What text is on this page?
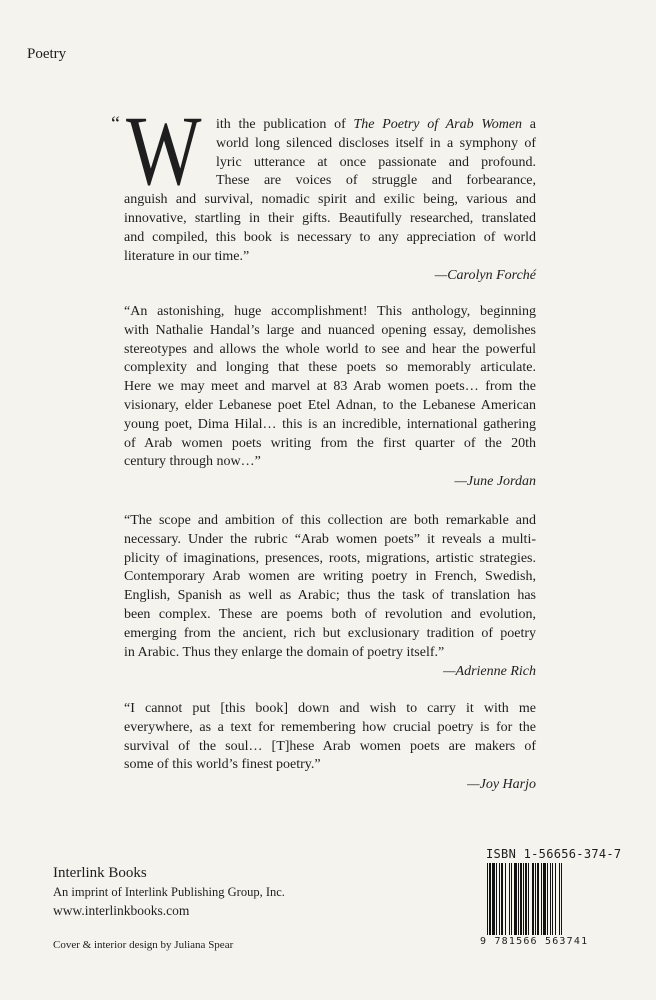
Poetry
“ W ith the publication of The Poetry of Arab Women a
world long silenced discloses itself in a symphony of
lyric utterance at once passionate and profound.
These are voices of struggle and forbearance,
anguish and survival, nomadic spirit and exilic being, various and
innovative, startling in their gifts. Beautifully researched, translated
and compiled, this book is necessary to any appreciation of world
literature in our time.”
—Carolyn Forché
“An astonishing, huge accomplishment! This anthology, beginning
with Nathalie Handal’s large and nuanced opening essay, demolishes
stereotypes and allows the whole world to see and hear the powerful
complexity and longing that these poets so memorably articulate.
Here we may meet and marvel at 83 Arab women poets… from the
visionary, elder Lebanese poet Etel Adnan, to the Lebanese American
young poet, Dima Hilal… this is an incredible, international gathering
of Arab women poets writing from the first quarter of the 20th
century through now…”
—June Jordan
“The scope and ambition of this collection are both remarkable and
necessary. Under the rubric “Arab women poets” it reveals a multi-
plicity of imaginations, presences, roots, migrations, artistic strategies.
Contemporary Arab women are writing poetry in French, Swedish,
English, Spanish as well as Arabic; thus the task of translation has
been complex. These are poems both of revolution and evolution,
emerging from the ancient, rich but exclusionary tradition of poetry
in Arabic. Thus they enlarge the domain of poetry itself.”
—Adrienne Rich
“I cannot put [this book] down and wish to carry it with me
everywhere, as a text for remembering how crucial poetry is for the
survival of the soul… [T]hese Arab women poets are makers of
some of this world’s finest poetry.”
—Joy Harjo
Interlink Books
An imprint of Interlink Publishing Group, Inc.
www.interlinkbooks.com
Cover & interior design by Juliana Spear
ISBN 1-56656-374-7
9 781566 563741
